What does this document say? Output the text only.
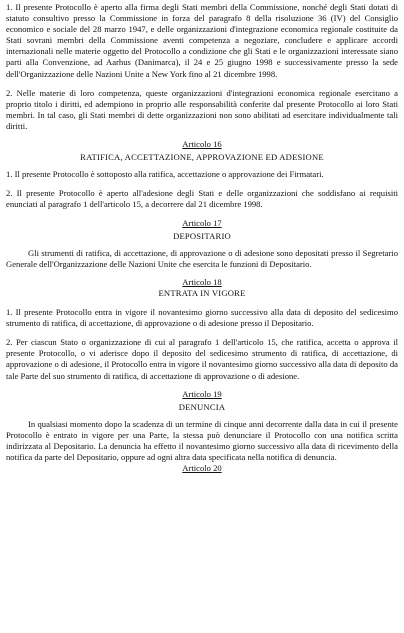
1. Il presente Protocollo è aperto alla firma degli Stati membri della Commissione, nonché degli Stati dotati di statuto consultivo presso la Commissione in forza del paragrafo 8 della risoluzione 36 (IV) del Consiglio economico e sociale del 28 marzo 1947, e delle organizzazioni d'integrazione economica regionale costituite da Stati sovrani membri della Commissione aventi competenza a negoziare, concludere e applicare accordi internazionali nelle materie oggetto del Protocollo a condizione che gli Stati e le organizzazioni interessate siano parti alla Convenzione, ad Aarhus (Danimarca), il 24 e 25 giugno 1998 e successivamente presso la sede dell'Organizzazione delle Nazioni Unite a New York fino al 21 dicembre 1998.

2. Nelle materie di loro competenza, queste organizzazioni d'integrazioni economica regionale esercitano a proprio titolo i diritti, ed adempiono in proprio alle responsabilità conferite dal presente Protocollo ai loro Stati membri. In tal caso, gli Stati membri di dette organizzazioni non sono abilitati ad esercitare individualmente tali diritti.

Articolo 16

RATIFICA, ACCETTAZIONE, APPROVAZIONE ED ADESIONE

1. Il presente Protocollo è sottoposto alla ratifica, accettazione o approvazione dei Firmatari.

2. Il presente Protocollo è aperto all'adesione degli Stati e delle organizzazioni che soddisfano ai requisiti enunciati al paragrafo 1 dell'articolo 15, a decorrere dal 21 dicembre 1998.

Articolo 17

DEPOSITARIO

Gli strumenti di ratifica, di accettazione, di approvazione o di adesione sono depositati presso il Segretario Generale dell'Organizzazione delle Nazioni Unite che esercita le funzioni di Depositario.

Articolo 18

ENTRATA IN VIGORE

1. Il presente Protocollo entra in vigore il novantesimo giorno successivo alla data di deposito del sedicesimo strumento di ratifica, di accettazione, di approvazione o di adesione presso il Depositario.

2. Per ciascun Stato o organizzazione di cui al paragrafo 1 dell'articolo 15, che ratifica, accetta o approva il presente Protocollo, o vi aderisce dopo il deposito del sedicesimo strumento di ratifica, di accettazione, di approvazione o di adesione, il Protocollo entra in vigore il novantesimo giorno successivo alla data di deposito da tale Parte del suo strumento di ratifica, di accettazione di approvazione o di adesione.

Articolo 19

DENUNCIA

In qualsiasi momento dopo la scadenza di un termine di cinque anni decorrente dalla data in cui il presente Protocollo è entrato in vigore per una Parte, la stessa può denunciare il Protocollo con una notifica scritta indirizzata al Depositario. La denuncia ha effetto il novantesimo giorno successivo alla data di ricevimento della notifica da parte del Depositario, oppure ad ogni altra data specificata nella notifica di denuncia.

Articolo 20
